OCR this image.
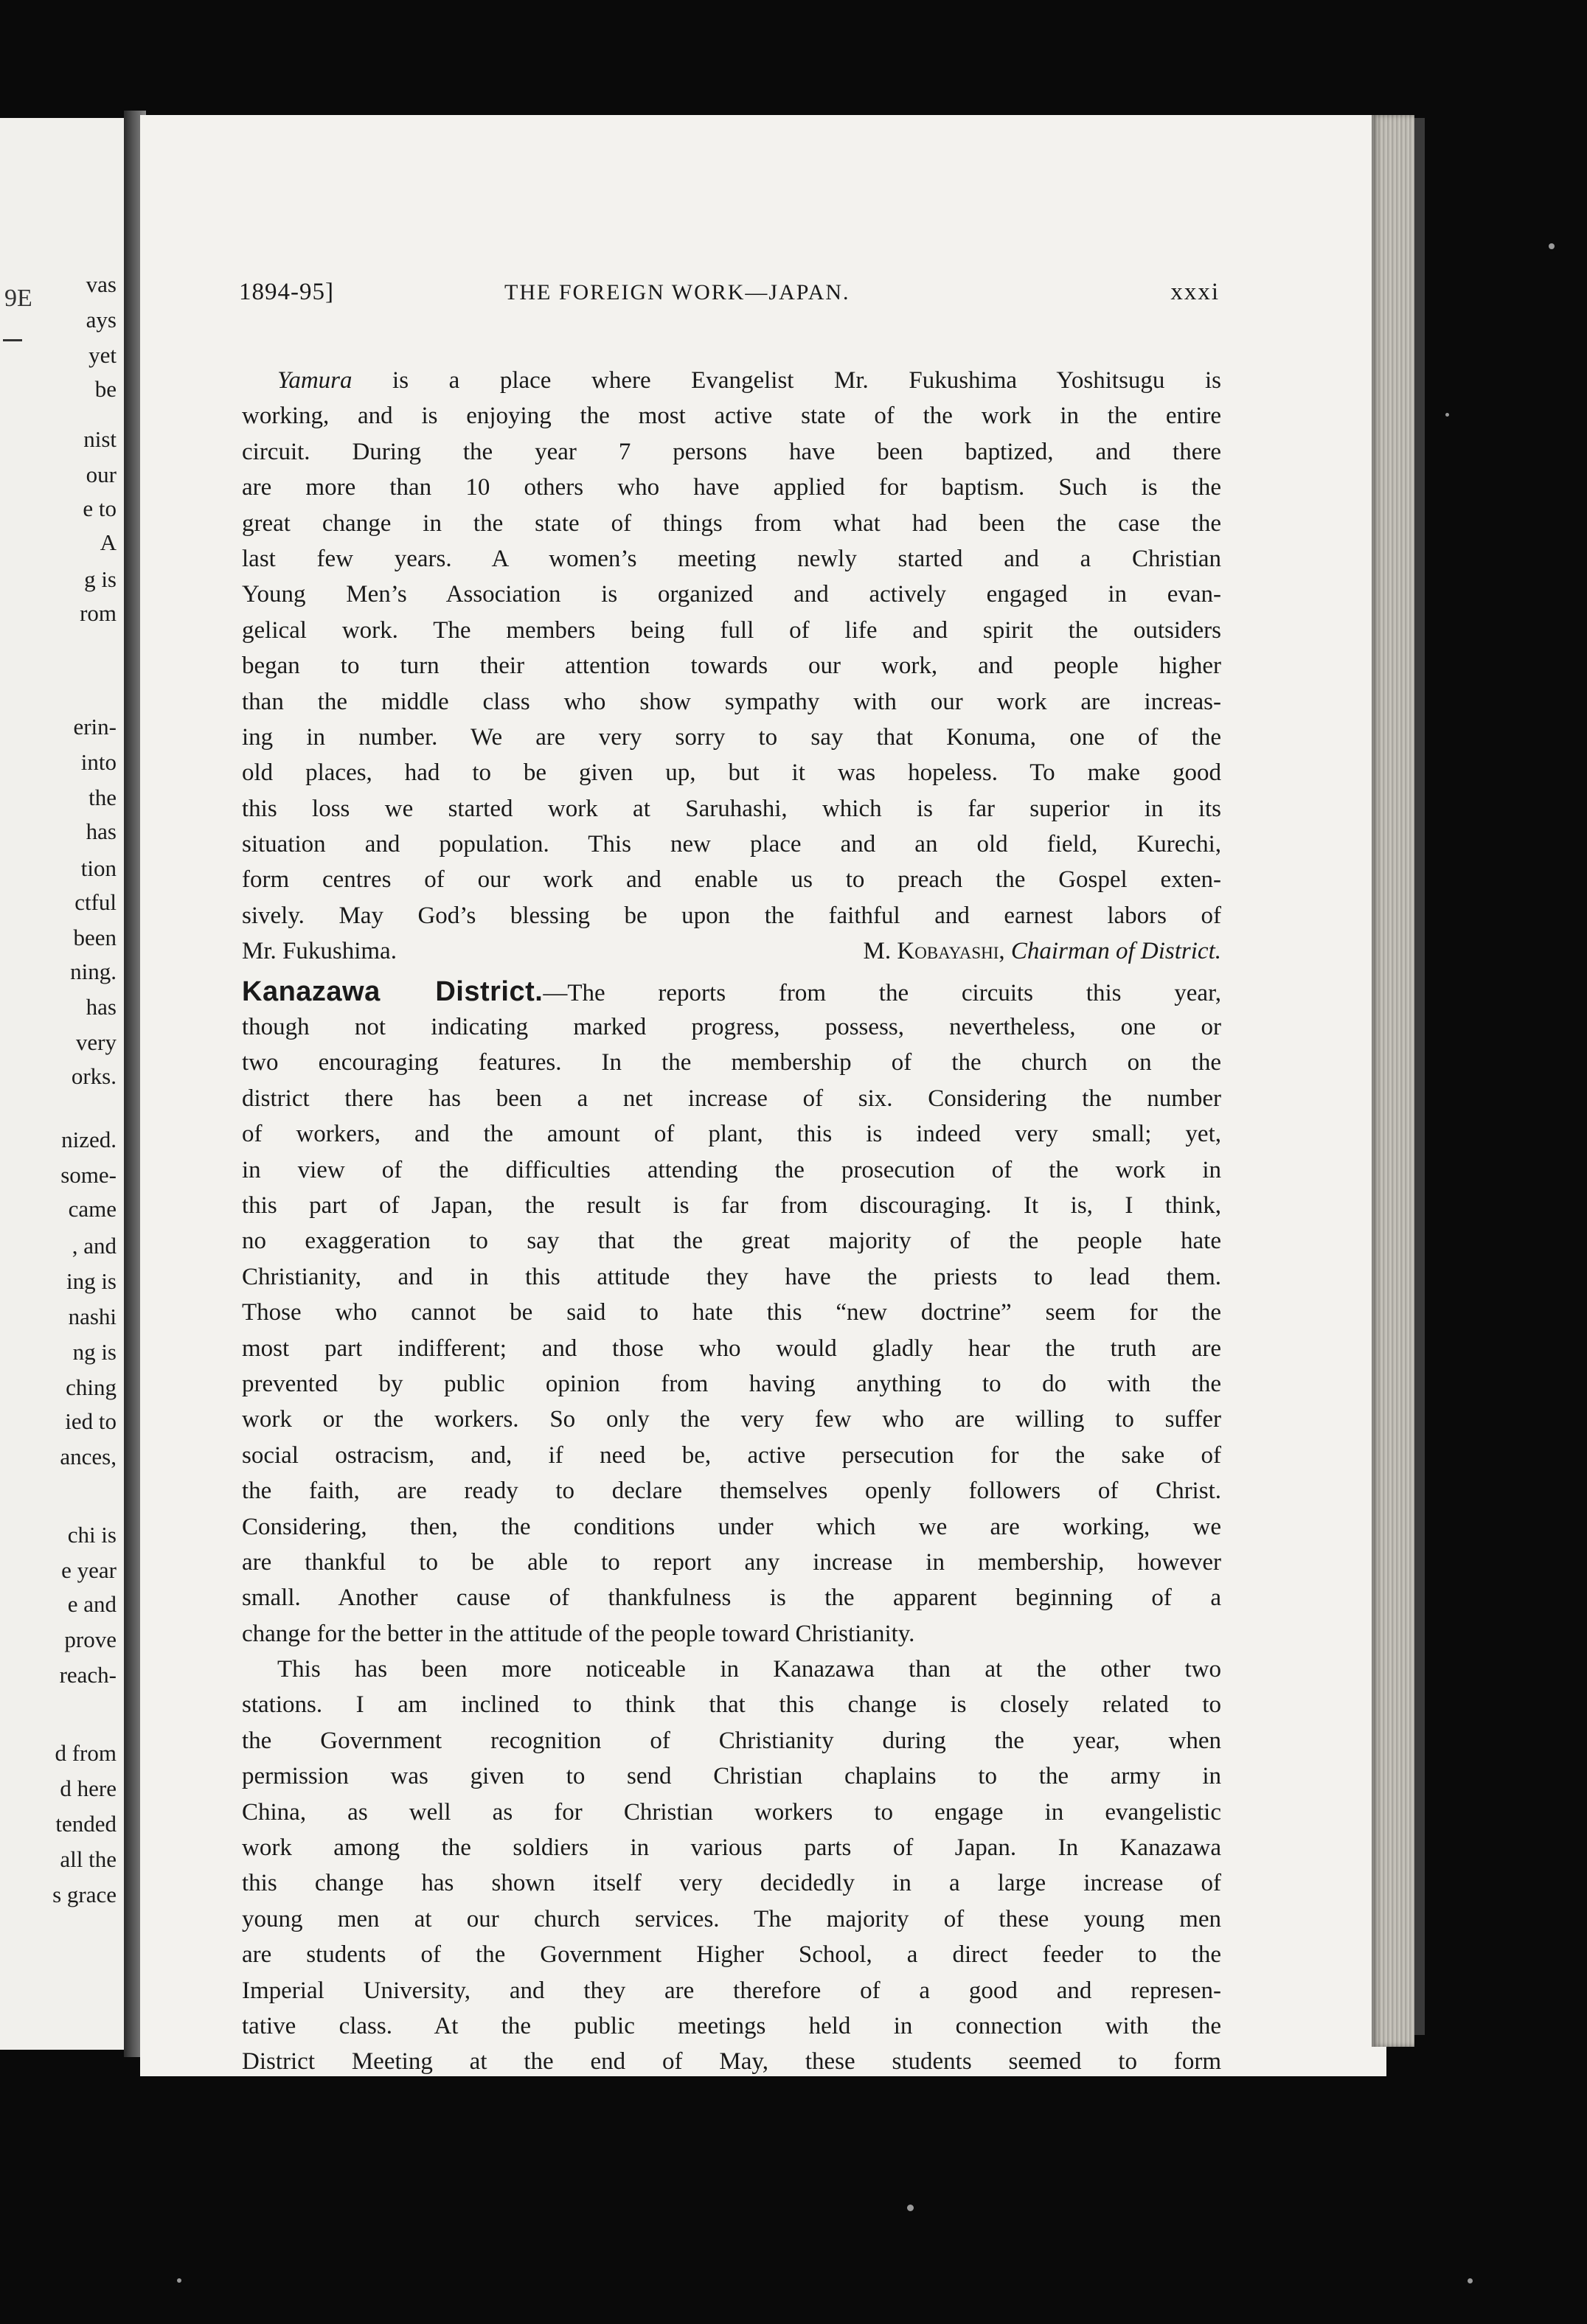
9Е
vas
ays
yet
be
nist
our
e to
A
g is
rom
erin-
into
the
has
tion
ctful
been
ning.
has
very
orks.
nized.
some-
came
, and
ing is
nashi
ng is
ching
ied to
ances,
chi is
e year
e and
prove
reach-
d from
d here
tended
all the
s grace
1894-95]	THE FOREIGN WORK—JAPAN.	xxxi
Yamura is a place where Evangelist Mr. Fukushima Yoshitsugu is
working, and is enjoying the most active state of the work in the entire
circuit. During the year 7 persons have been baptized, and there
are more than 10 others who have applied for baptism. Such is the
great change in the state of things from what had been the case the
last few years. A women’s meeting newly started and a Christian
Young Men’s Association is organized and actively engaged in evan-
gelical work. The members being full of life and spirit the outsiders
began to turn their attention towards our work, and people higher
than the middle class who show sympathy with our work are increas-
ing in number. We are very sorry to say that Konuma, one of the
old places, had to be given up, but it was hopeless. To make good
this loss we started work at Saruhashi, which is far superior in its
situation and population. This new place and an old field, Kurechi,
form centres of our work and enable us to preach the Gospel exten-
sively. May God’s blessing be upon the faithful and earnest labors of
Mr. Fukushima.	M. Kobayashi, Chairman of District.
Kanazawa District.—The reports from the circuits this year,
though not indicating marked progress, possess, nevertheless, one or
two encouraging features. In the membership of the church on the
district there has been a net increase of six. Considering the number
of workers, and the amount of plant, this is indeed very small; yet,
in view of the difficulties attending the prosecution of the work in
this part of Japan, the result is far from discouraging. It is, I think,
no exaggeration to say that the great majority of the people hate
Christianity, and in this attitude they have the priests to lead them.
Those who cannot be said to hate this “new doctrine” seem for the
most part indifferent; and those who would gladly hear the truth are
prevented by public opinion from having anything to do with the
work or the workers. So only the very few who are willing to suffer
social ostracism, and, if need be, active persecution for the sake of
the faith, are ready to declare themselves openly followers of Christ.
Considering, then, the conditions under which we are working, we
are thankful to be able to report any increase in membership, however
small. Another cause of thankfulness is the apparent beginning of a
change for the better in the attitude of the people toward Christianity.
This has been more noticeable in Kanazawa than at the other two
stations. I am inclined to think that this change is closely related to
the Government recognition of Christianity during the year, when
permission was given to send Christian chaplains to the army in
China, as well as for Christian workers to engage in evangelistic
work among the soldiers in various parts of Japan. In Kanazawa
this change has shown itself very decidedly in a large increase of
young men at our church services. The majority of these young men
are students of the Government Higher School, a direct feeder to the
Imperial University, and they are therefore of a good and represen-
tative class. At the public meetings held in connection with the
District Meeting at the end of May, these students seemed to form
